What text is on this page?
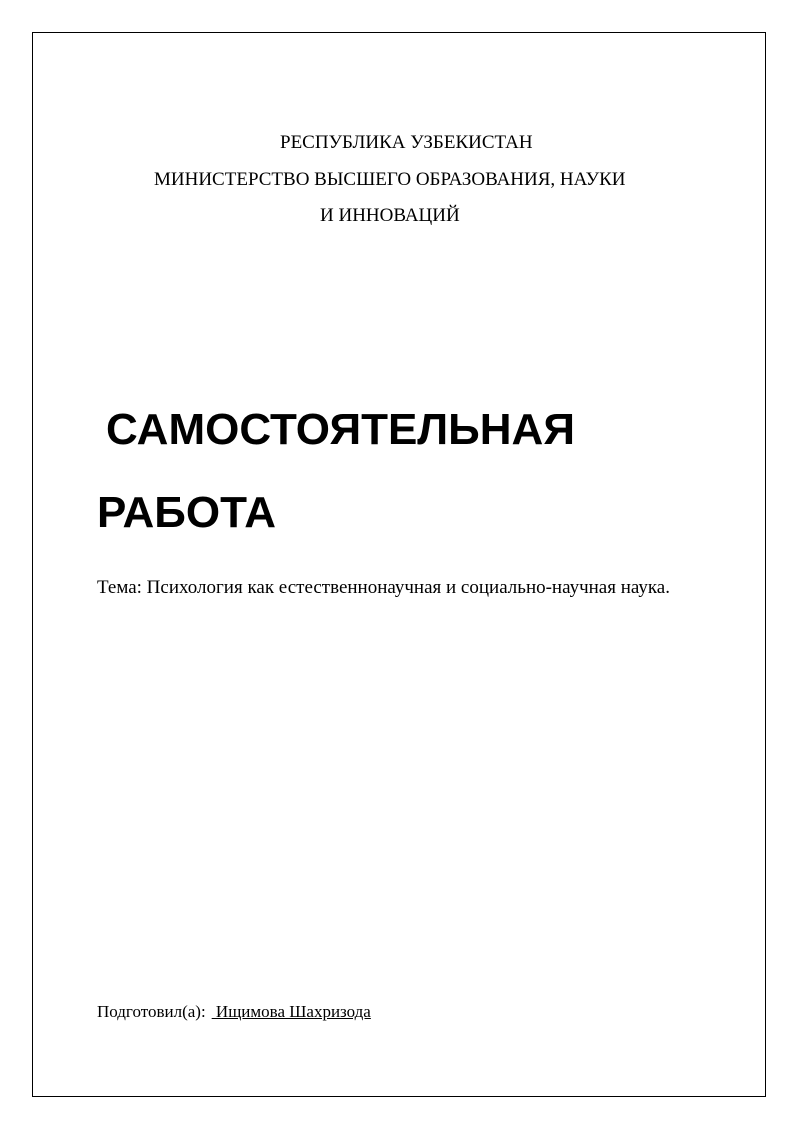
РЕСПУБЛИКА УЗБЕКИСТАН
МИНИСТЕРСТВО ВЫСШЕГО ОБРАЗОВАНИЯ, НАУКИ
И ИННОВАЦИЙ
САМОСТОЯТЕЛЬНАЯ
РАБОТА
Тема: Психология как естественнонаучная и социально-научная наука.
Подготовил(а): Ищимова Шахризода
